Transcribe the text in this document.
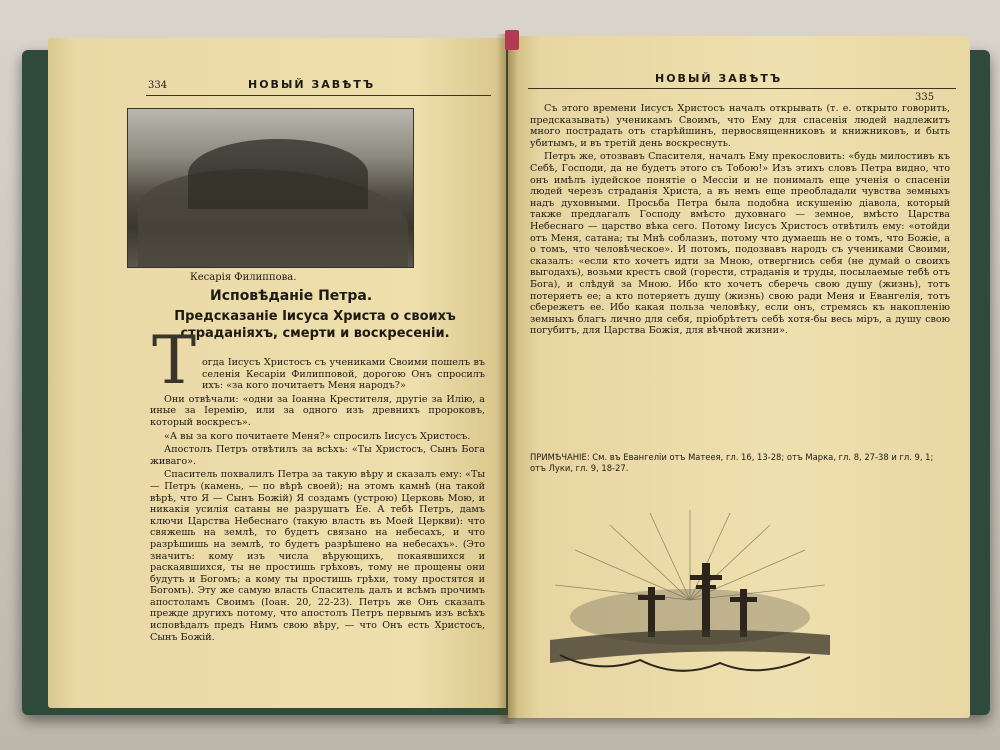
334	НОВЫЙ ЗАВѢТЪ
Кесарія Филиппова.
Исповѣданіе Петра.
Предсказаніе Іисуса Христа о своихъ страданіяхъ, смерти и воскресеніи.
Т огда Іисусъ Христосъ съ учениками Своими пошелъ въ селенія Кесаріи Филипповой, дорогою Онъ спросилъ ихъ: «за кого почитаетъ Меня народъ?»

Они отвѣчали: «одни за Іоанна Крестителя, другіе за Илію, а иные за Іеремію, или за одного изъ древнихъ пророковъ, который воскресъ».

«А вы за кого почитаете Меня?» спросилъ Іисусъ Христосъ.

Апостолъ Петръ отвѣтилъ за всѣхъ: «Ты Христосъ, Сынъ Бога живаго».

Спаситель похвалилъ Петра за такую вѣру и сказалъ ему: «Ты — Петръ (камень, — по вѣрѣ своей); на этомъ камнѣ (на такой вѣрѣ, что Я — Сынъ Божій) Я создамъ (устрою) Церковь Мою, и никакія усилія сатаны не разрушатъ Ее. А тебѣ Петръ, дамъ ключи Царства Небеснаго (такую власть въ Моей Церкви): что свяжешь на землѣ, то будетъ связано на небесахъ, и что разрѣшишь на землѣ, то будетъ разрѣшено на небесахъ». (Это значитъ: кому изъ числа вѣрующихъ, покаявшихся и раскаявшихся, ты не простишь грѣховъ, тому не прощены они будутъ и Богомъ; а кому ты простишь грѣхи, тому простятся и Богомъ). Эту же самую власть Спаситель далъ и всѣмъ прочимъ апостоламъ Своимъ (Іоан. 20, 22-23). Петръ же Онъ сказалъ прежде другихъ потому, что апостолъ Петръ первымъ изъ всѣхъ исповѣдалъ предъ Нимъ свою вѣру, — что Онъ есть Христосъ, Сынъ Божій.

НОВЫЙ ЗАВѢТЪ
335

Съ этого времени Іисусъ Христосъ началъ открывать (т. е. открыто говорить, предсказывать) ученикамъ Своимъ, что Ему для спасенія людей надлежитъ много пострадать отъ старѣйшинъ, первосвященниковъ и книжниковъ, и быть убитымъ, и въ третій день воскреснуть.

Петръ же, отозвавъ Спасителя, началъ Ему прекословить: «будь милостивъ къ Себѣ, Господи, да не будетъ этого съ Тобою!» Изъ этихъ словъ Петра видно, что онъ имѣлъ іудейское понятіе о Мессіи и не понималъ еще ученія о спасеніи людей черезъ страданія Христа, а въ немъ еще преобладали чувства земныхъ надъ духовными. Просьба Петра была подобна искушенію діавола, который также предлагалъ Господу вмѣсто духовнаго — земное, вмѣсто Царства Небеснаго — царство вѣка сего. Потому Іисусъ Христосъ отвѣтилъ ему: «отойди отъ Меня, сатана; ты Мнѣ соблазнъ, потому что думаешь не о томъ, что Божіе, а о томъ, что человѣческое». И потомъ, подозвавъ народъ съ учениками Своими, сказалъ: «если кто хочетъ идти за Мною, отвергнись себя (не думай о своихъ выгодахъ), возьми крестъ свой (горести, страданія и труды, посылаемые тебѣ отъ Бога), и слѣдуй за Мною. Ибо кто хочетъ сберечь свою душу (жизнь), тотъ потеряетъ ее; а кто потеряетъ душу (жизнь) свою ради Меня и Евангелія, тотъ сбережетъ ее. Ибо какая польза человѣку, если онъ, стремясь къ накопленію земныхъ благъ лично для себя, пріобрѣтетъ себѣ хотя-бы весь міръ, а душу свою погубитъ, для Царства Божія, для вѣчной жизни».

ПРИМѢЧАНІЕ: См. въ Евангеліи отъ Матеея, гл. 16, 13-28; отъ Марка, гл. 8, 27-38 и гл. 9, 1; отъ Луки, гл. 9, 18-27.
